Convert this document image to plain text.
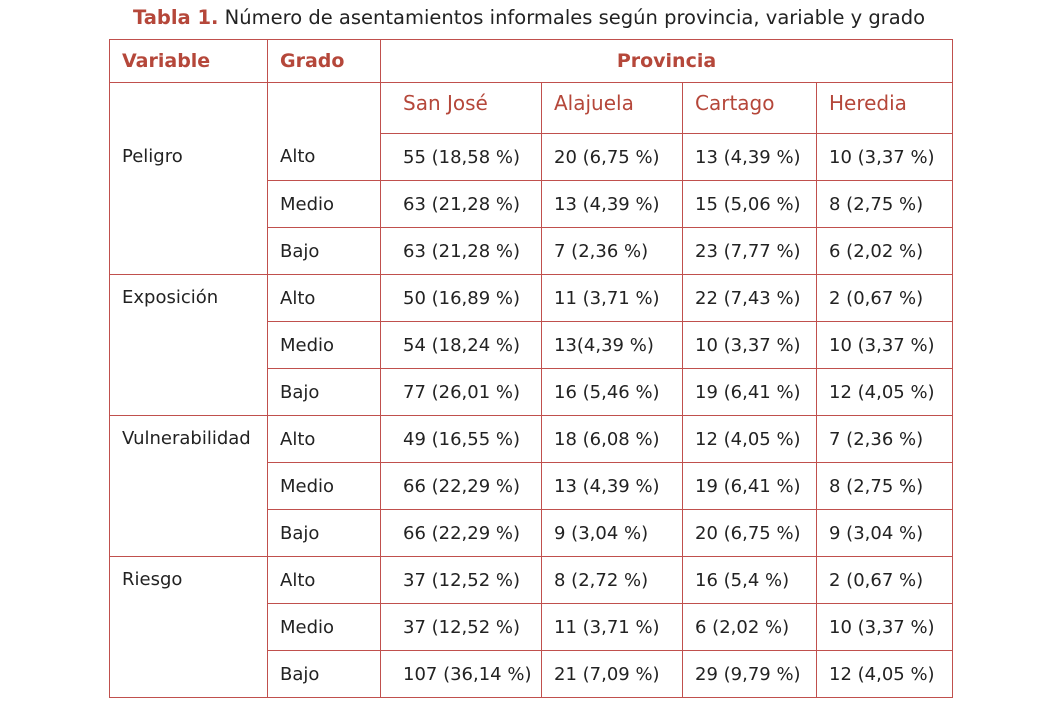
Tabla 1. Número de asentamientos informales según provincia, variable y grado
Variable	Grado	Provincia			
		San José	Alajuela	Cartago	Heredia

Peligro	Alto	55 (18,58 %)	20 (6,75 %)	13 (4,39 %)	10 (3,37 %)
	Medio	63 (21,28 %)	13 (4,39 %)	15 (5,06 %)	8 (2,75 %)
	Bajo	63 (21,28 %)	7 (2,36 %)	23 (7,77 %)	6 (2,02 %)

Exposición	Alto	50 (16,89 %)	11 (3,71 %)	22 (7,43 %)	2 (0,67 %)
	Medio	54 (18,24 %)	13(4,39 %)	10 (3,37 %)	10 (3,37 %)
	Bajo	77 (26,01 %)	16 (5,46 %)	19 (6,41 %)	12 (4,05 %)

Vulnerabilidad	Alto	49 (16,55 %)	18 (6,08 %)	12 (4,05 %)	7 (2,36 %)
	Medio	66 (22,29 %)	13 (4,39 %)	19 (6,41 %)	8 (2,75 %)
	Bajo	66 (22,29 %)	9 (3,04 %)	20 (6,75 %)	9 (3,04 %)

Riesgo	Alto	37 (12,52 %)	8 (2,72 %)	16 (5,4 %)	2 (0,67 %)
	Medio	37 (12,52 %)	11 (3,71 %)	6 (2,02 %)	10 (3,37 %)
	Bajo	107 (36,14 %)	21 (7,09 %)	29 (9,79 %)	12 (4,05 %)
